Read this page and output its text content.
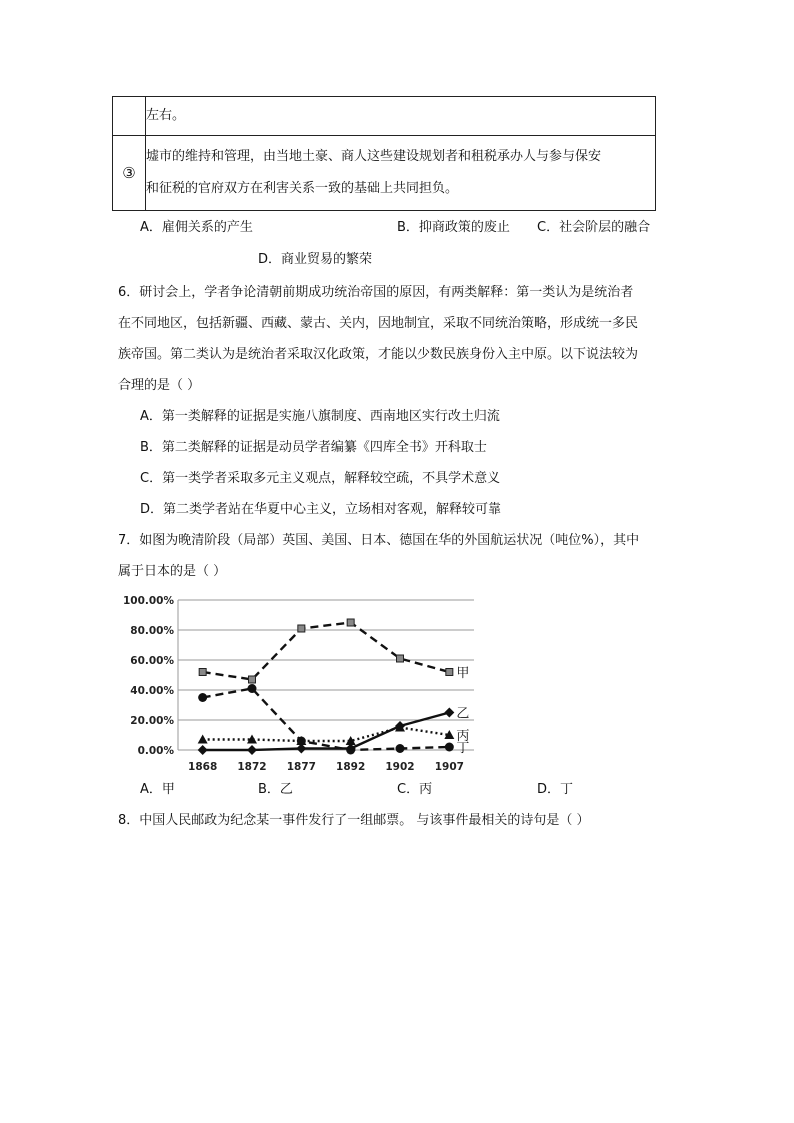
	左右。
③	墟市的维持和管理，由当地土豪、商人这些建设规划者和租税承办人与参与保安
和征税的官府双方在利害关系一致的基础上共同担负。
A．雇佣关系的产生	B．抑商政策的废止 C．社会阶层的融合
D．商业贸易的繁荣
6．研讨会上，学者争论清朝前期成功统治帝国的原因，有两类解释：第一类认为是统治者
在不同地区，包括新疆、西藏、蒙古、关内，因地制宜，采取不同统治策略，形成统一多民
族帝国。第二类认为是统治者采取汉化政策，才能以少数民族身份入主中原。以下说法较为
合理的是（ ）
A．第一类解释的证据是实施八旗制度、西南地区实行改土归流
B．第二类解释的证据是动员学者编纂《四库全书》开科取士
C．第一类学者采取多元主义观点，解释较空疏，不具学术意义
D．第二类学者站在华夏中心主义，立场相对客观，解释较可靠
7．如图为晚清阶段（局部）英国、美国、日本、德国在华的外国航运状况（吨位%），其中
属于日本的是（ ）
0.00%
20.00%
40.00%
60.00%
80.00%
100.00%
1868 1872 1877 1892 1902 1907
甲
乙
丙
丁
A．甲	B．乙	C．丙	D．丁
8．中国人民邮政为纪念某一事件发行了一组邮票。 与该事件最相关的诗句是（ ）
